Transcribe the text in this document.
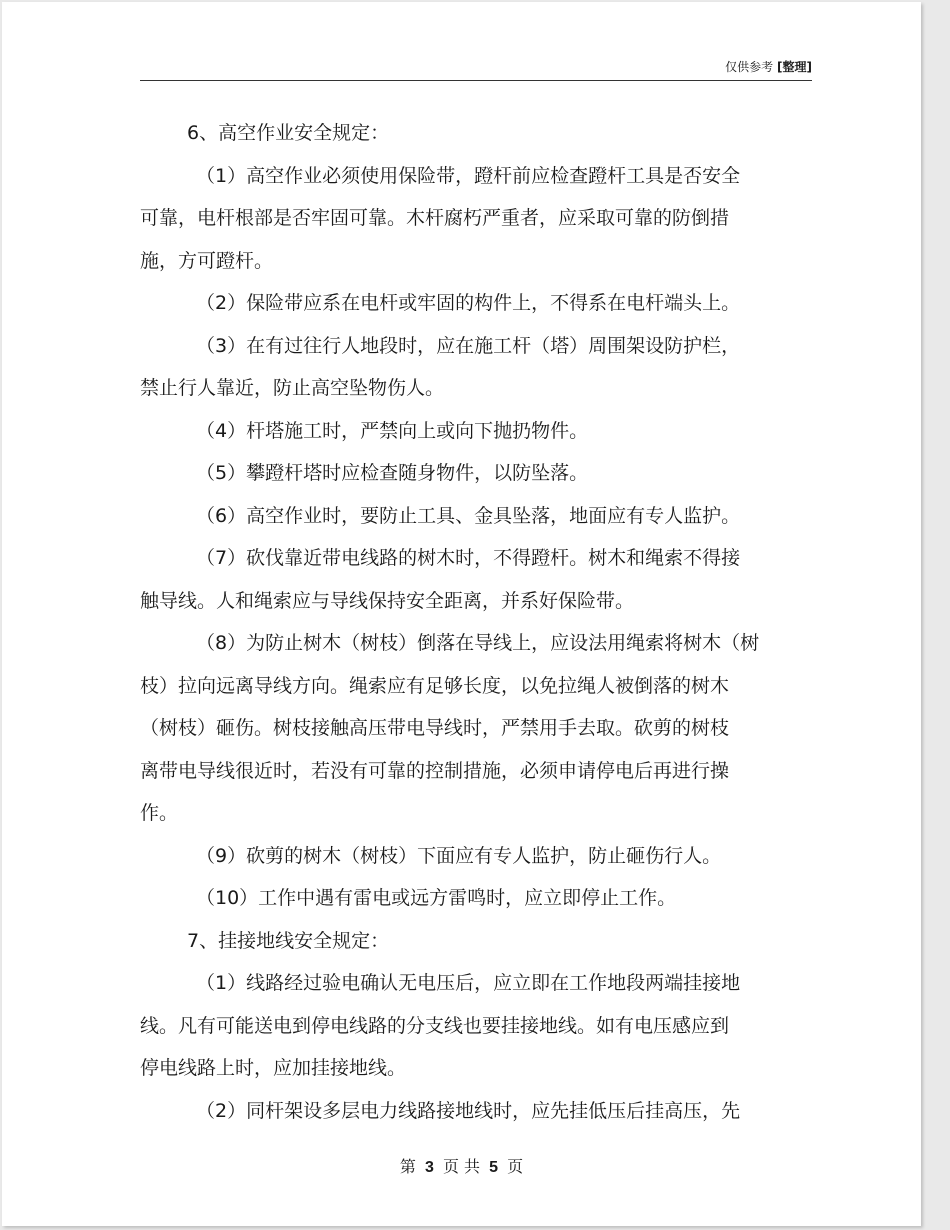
仅供参考 [整理]
6、高空作业安全规定：
（1）高空作业必须使用保险带，蹬杆前应检查蹬杆工具是否安全
可靠，电杆根部是否牢固可靠。木杆腐朽严重者，应采取可靠的防倒措
施，方可蹬杆。
（2）保险带应系在电杆或牢固的构件上，不得系在电杆端头上。
（3）在有过往行人地段时，应在施工杆（塔）周围架设防护栏，
禁止行人靠近，防止高空坠物伤人。
（4）杆塔施工时，严禁向上或向下抛扔物件。
（5）攀蹬杆塔时应检查随身物件，以防坠落。
（6）高空作业时，要防止工具、金具坠落，地面应有专人监护。
（7）砍伐靠近带电线路的树木时，不得蹬杆。树木和绳索不得接
触导线。人和绳索应与导线保持安全距离，并系好保险带。
（8）为防止树木（树枝）倒落在导线上，应设法用绳索将树木（树
枝）拉向远离导线方向。绳索应有足够长度，以免拉绳人被倒落的树木
（树枝）砸伤。树枝接触高压带电导线时，严禁用手去取。砍剪的树枝
离带电导线很近时，若没有可靠的控制措施，必须申请停电后再进行操
作。
（9）砍剪的树木（树枝）下面应有专人监护，防止砸伤行人。
（10）工作中遇有雷电或远方雷鸣时，应立即停止工作。
7、挂接地线安全规定：
（1）线路经过验电确认无电压后，应立即在工作地段两端挂接地
线。凡有可能送电到停电线路的分支线也要挂接地线。如有电压感应到
停电线路上时，应加挂接地线。
（2）同杆架设多层电力线路接地线时，应先挂低压后挂高压，先
第 3 页 共 5 页
